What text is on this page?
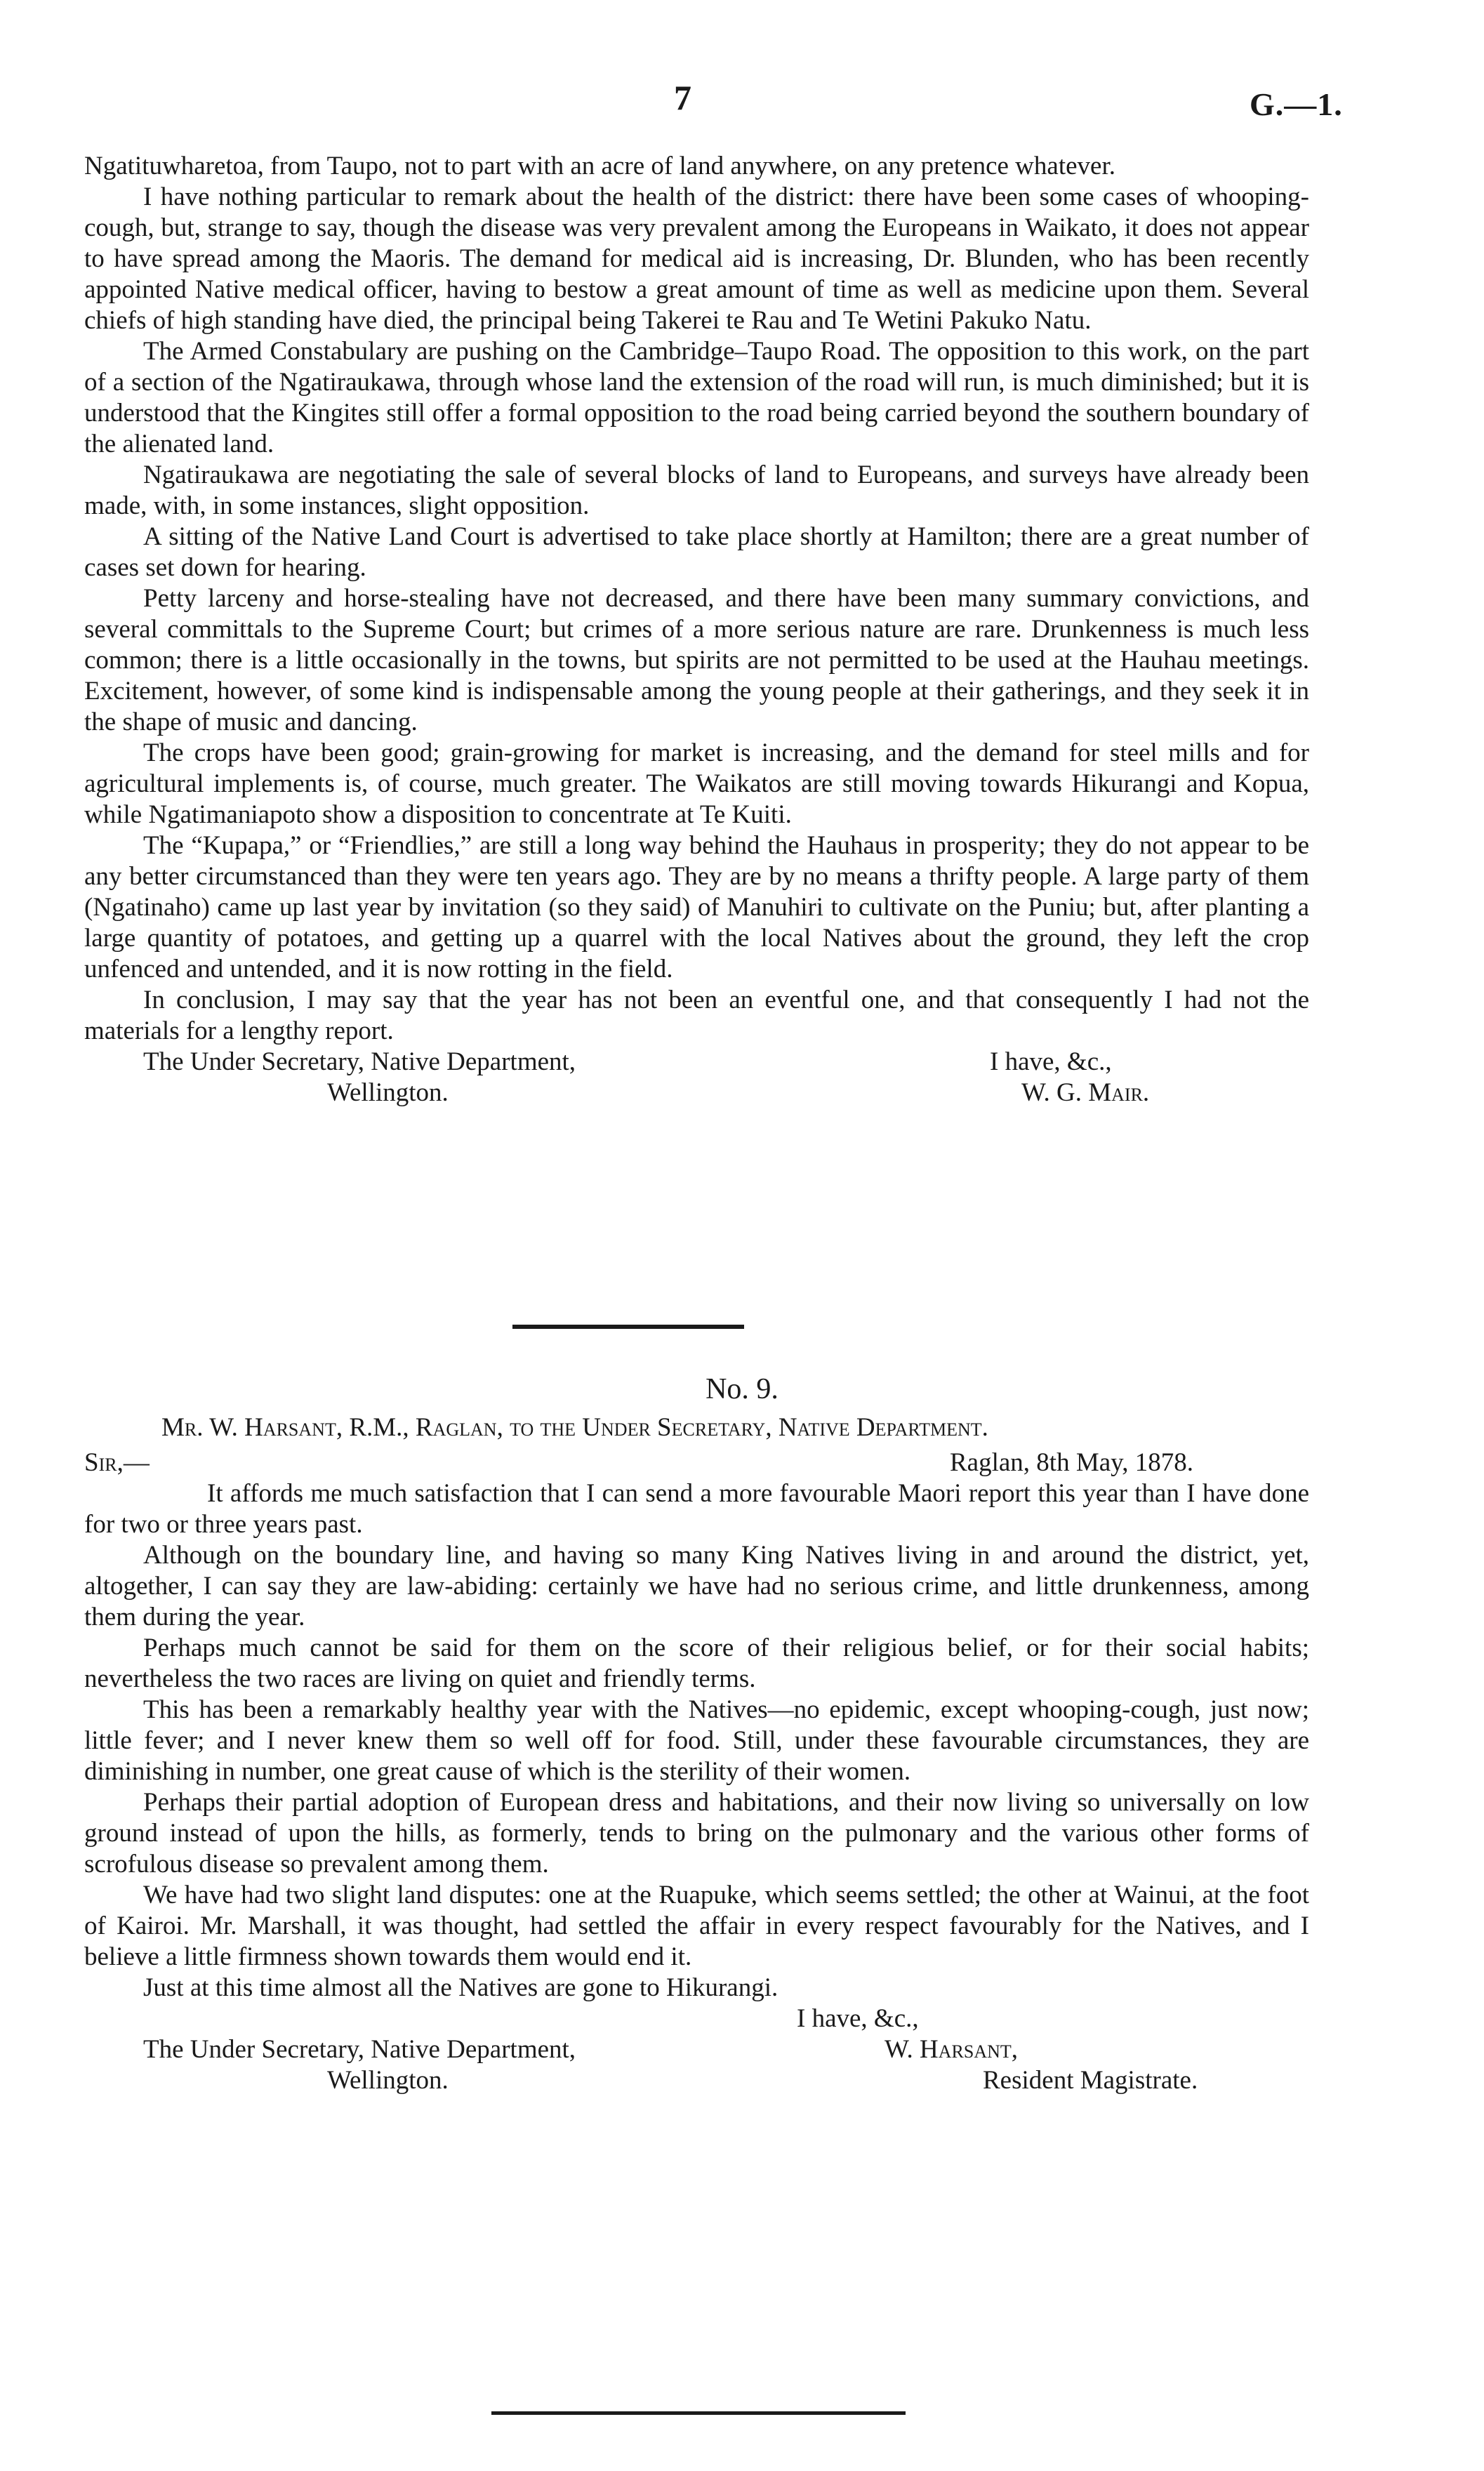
7	G.—1.

Ngatituwharetoa, from Taupo, not to part with an acre of land anywhere, on any pretence whatever.

I have nothing particular to remark about the health of the district: there have been some cases of whooping-cough, but, strange to say, though the disease was very prevalent among the Europeans in Waikato, it does not appear to have spread among the Maoris. The demand for medical aid is increasing, Dr. Blunden, who has been recently appointed Native medical officer, having to bestow a great amount of time as well as medicine upon them. Several chiefs of high standing have died, the principal being Takerei te Rau and Te Wetini Pakuko Natu.

The Armed Constabulary are pushing on the Cambridge–Taupo Road. The opposition to this work, on the part of a section of the Ngatiraukawa, through whose land the extension of the road will run, is much diminished; but it is understood that the Kingites still offer a formal opposition to the road being carried beyond the southern boundary of the alienated land.

Ngatiraukawa are negotiating the sale of several blocks of land to Europeans, and surveys have already been made, with, in some instances, slight opposition.

A sitting of the Native Land Court is advertised to take place shortly at Hamilton; there are a great number of cases set down for hearing.

Petty larceny and horse-stealing have not decreased, and there have been many summary convictions, and several committals to the Supreme Court; but crimes of a more serious nature are rare. Drunkenness is much less common; there is a little occasionally in the towns, but spirits are not permitted to be used at the Hauhau meetings. Excitement, however, of some kind is indispensable among the young people at their gatherings, and they seek it in the shape of music and dancing.

The crops have been good; grain-growing for market is increasing, and the demand for steel mills and for agricultural implements is, of course, much greater. The Waikatos are still moving towards Hikurangi and Kopua, while Ngatimaniapoto show a disposition to concentrate at Te Kuiti.

The “Kupapa,” or “Friendlies,” are still a long way behind the Hauhaus in prosperity; they do not appear to be any better circumstanced than they were ten years ago. They are by no means a thrifty people. A large party of them (Ngatinaho) came up last year by invitation (so they said) of Manuhiri to cultivate on the Puniu; but, after planting a large quantity of potatoes, and getting up a quarrel with the local Natives about the ground, they left the crop unfenced and untended, and it is now rotting in the field.

In conclusion, I may say that the year has not been an eventful one, and that consequently I had not the materials for a lengthy report.

The Under Secretary, Native Department,	I have, &c.,
Wellington.	W. G. Mair.
No. 9.
Mr. W. Harsant, R.M., Raglan, to the Under Secretary, Native Department.
Sir,—	Raglan, 8th May, 1878.

It affords me much satisfaction that I can send a more favourable Maori report this year than I have done for two or three years past.

Although on the boundary line, and having so many King Natives living in and around the district, yet, altogether, I can say they are law-abiding: certainly we have had no serious crime, and little drunkenness, among them during the year.

Perhaps much cannot be said for them on the score of their religious belief, or for their social habits; nevertheless the two races are living on quiet and friendly terms.

This has been a remarkably healthy year with the Natives—no epidemic, except whooping-cough, just now; little fever; and I never knew them so well off for food. Still, under these favourable circumstances, they are diminishing in number, one great cause of which is the sterility of their women.

Perhaps their partial adoption of European dress and habitations, and their now living so universally on low ground instead of upon the hills, as formerly, tends to bring on the pulmonary and the various other forms of scrofulous disease so prevalent among them.

We have had two slight land disputes: one at the Ruapuke, which seems settled; the other at Wainui, at the foot of Kairoi. Mr. Marshall, it was thought, had settled the affair in every respect favourably for the Natives, and I believe a little firmness shown towards them would end it.

Just at this time almost all the Natives are gone to Hikurangi.

I have, &c.,
The Under Secretary, Native Department,	W. Harsant,
Wellington.	Resident Magistrate.
